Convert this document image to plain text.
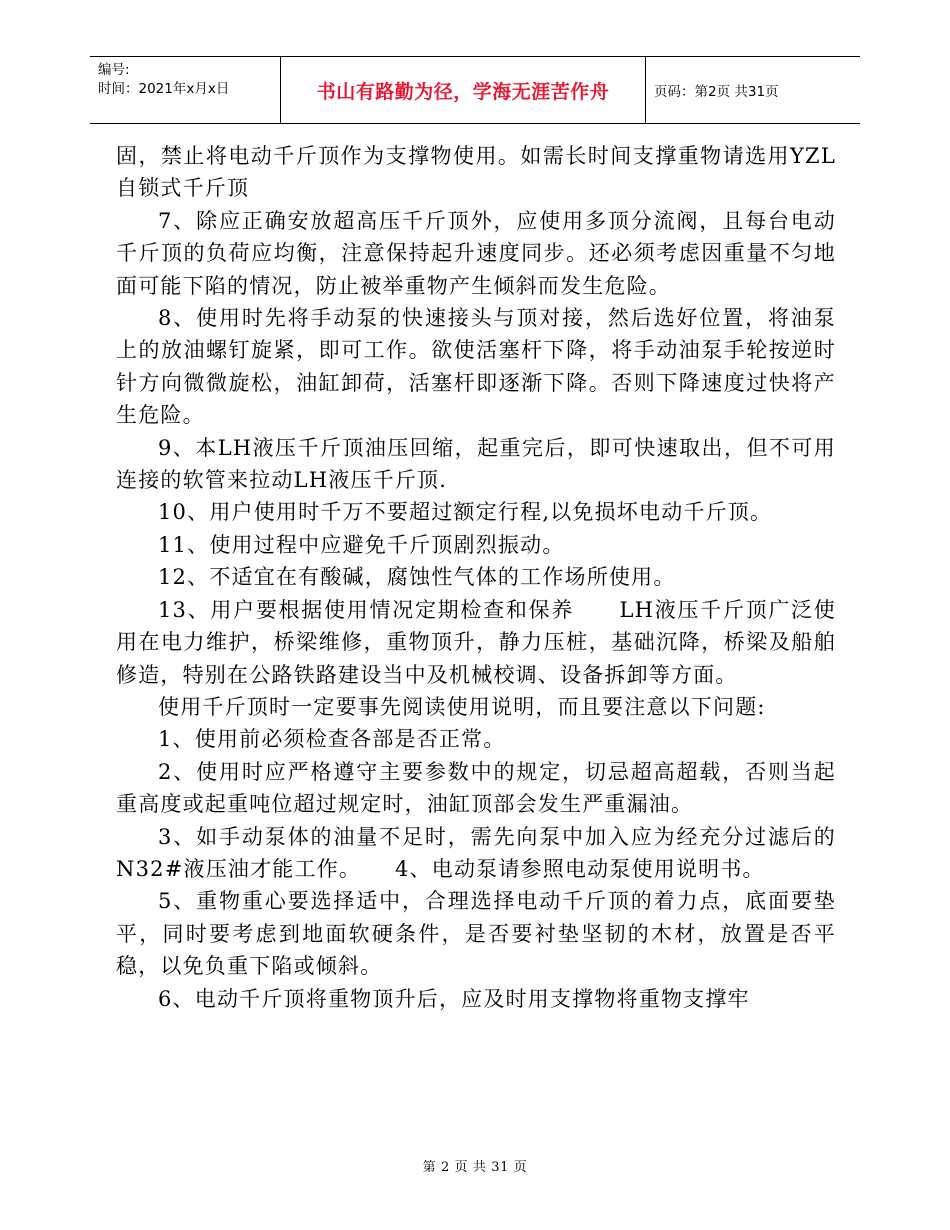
编号:
时间：2021年x月x日	书山有路勤为径，学海无涯苦作舟	页码：第2页 共31页

固，禁止将电动千斤顶作为支撑物使用。如需长时间支撑重物请选用YZL自锁式千斤顶

7、除应正确安放超高压千斤顶外，应使用多顶分流阀，且每台电动千斤顶的负荷应均衡，注意保持起升速度同步。还必须考虑因重量不匀地面可能下陷的情况，防止被举重物产生倾斜而发生危险。

8、使用时先将手动泵的快速接头与顶对接，然后选好位置，将油泵上的放油螺钉旋紧，即可工作。欲使活塞杆下降，将手动油泵手轮按逆时针方向微微旋松，油缸卸荷，活塞杆即逐渐下降。否则下降速度过快将产生危险。

9、本LH液压千斤顶油压回缩，起重完后，即可快速取出，但不可用连接的软管来拉动LH液压千斤顶.

10、用户使用时千万不要超过额定行程,以免损坏电动千斤顶。

11、使用过程中应避免千斤顶剧烈振动。

12、不适宜在有酸碱，腐蚀性气体的工作场所使用。

13、用户要根据使用情况定期检查和保养　　LH液压千斤顶广泛使用在电力维护，桥梁维修，重物顶升，静力压桩，基础沉降，桥梁及船舶修造，特别在公路铁路建设当中及机械校调、设备拆卸等方面。

使用千斤顶时一定要事先阅读使用说明，而且要注意以下问题:

1、使用前必须检查各部是否正常。

2、使用时应严格遵守主要参数中的规定，切忌超高超载，否则当起重高度或起重吨位超过规定时，油缸顶部会发生严重漏油。

3、如手动泵体的油量不足时，需先向泵中加入应为经充分过滤后的N32#液压油才能工作。　　4、电动泵请参照电动泵使用说明书。

5、重物重心要选择适中，合理选择电动千斤顶的着力点，底面要垫平，同时要考虑到地面软硬条件，是否要衬垫坚韧的木材，放置是否平稳，以免负重下陷或倾斜。

6、电动千斤顶将重物顶升后，应及时用支撑物将重物支撑牢

第 2 页 共 31 页
